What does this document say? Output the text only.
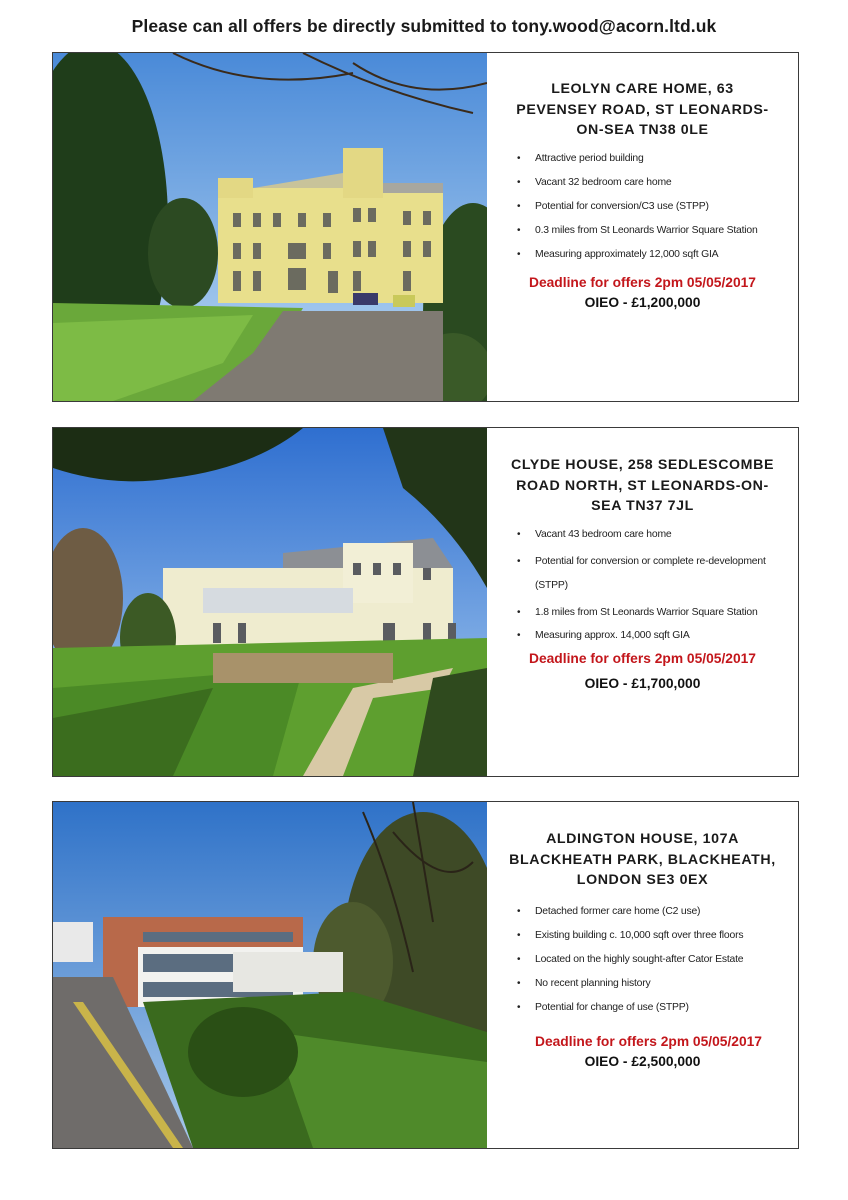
Please can all offers be directly submitted to tony.wood@acorn.ltd.uk
LEOLYN CARE HOME, 63 PEVENSEY ROAD, ST LEONARDS-ON-SEA TN38 0LE
• Attractive period building
• Vacant 32 bedroom care home
• Potential for conversion/C3 use (STPP)
• 0.3 miles from St Leonards Warrior Square Station
• Measuring approximately 12,000 sqft GIA
Deadline for offers 2pm 05/05/2017
OIEO - £1,200,000
CLYDE HOUSE, 258 SEDLESCOMBE ROAD NORTH, ST LEONARDS-ON-SEA TN37 7JL
• Vacant 43 bedroom care home
• Potential for conversion or complete re-development (STPP)
• 1.8 miles from St Leonards Warrior Square Station
• Measuring approx. 14,000 sqft GIA
Deadline for offers 2pm 05/05/2017
OIEO - £1,700,000
ALDINGTON HOUSE, 107A BLACKHEATH PARK, BLACKHEATH, LONDON SE3 0EX
• Detached former care home (C2 use)
• Existing building c. 10,000 sqft over three floors
• Located on the highly sought-after Cator Estate
• No recent planning history
• Potential for change of use (STPP)
Deadline for offers 2pm 05/05/2017
OIEO - £2,500,000
